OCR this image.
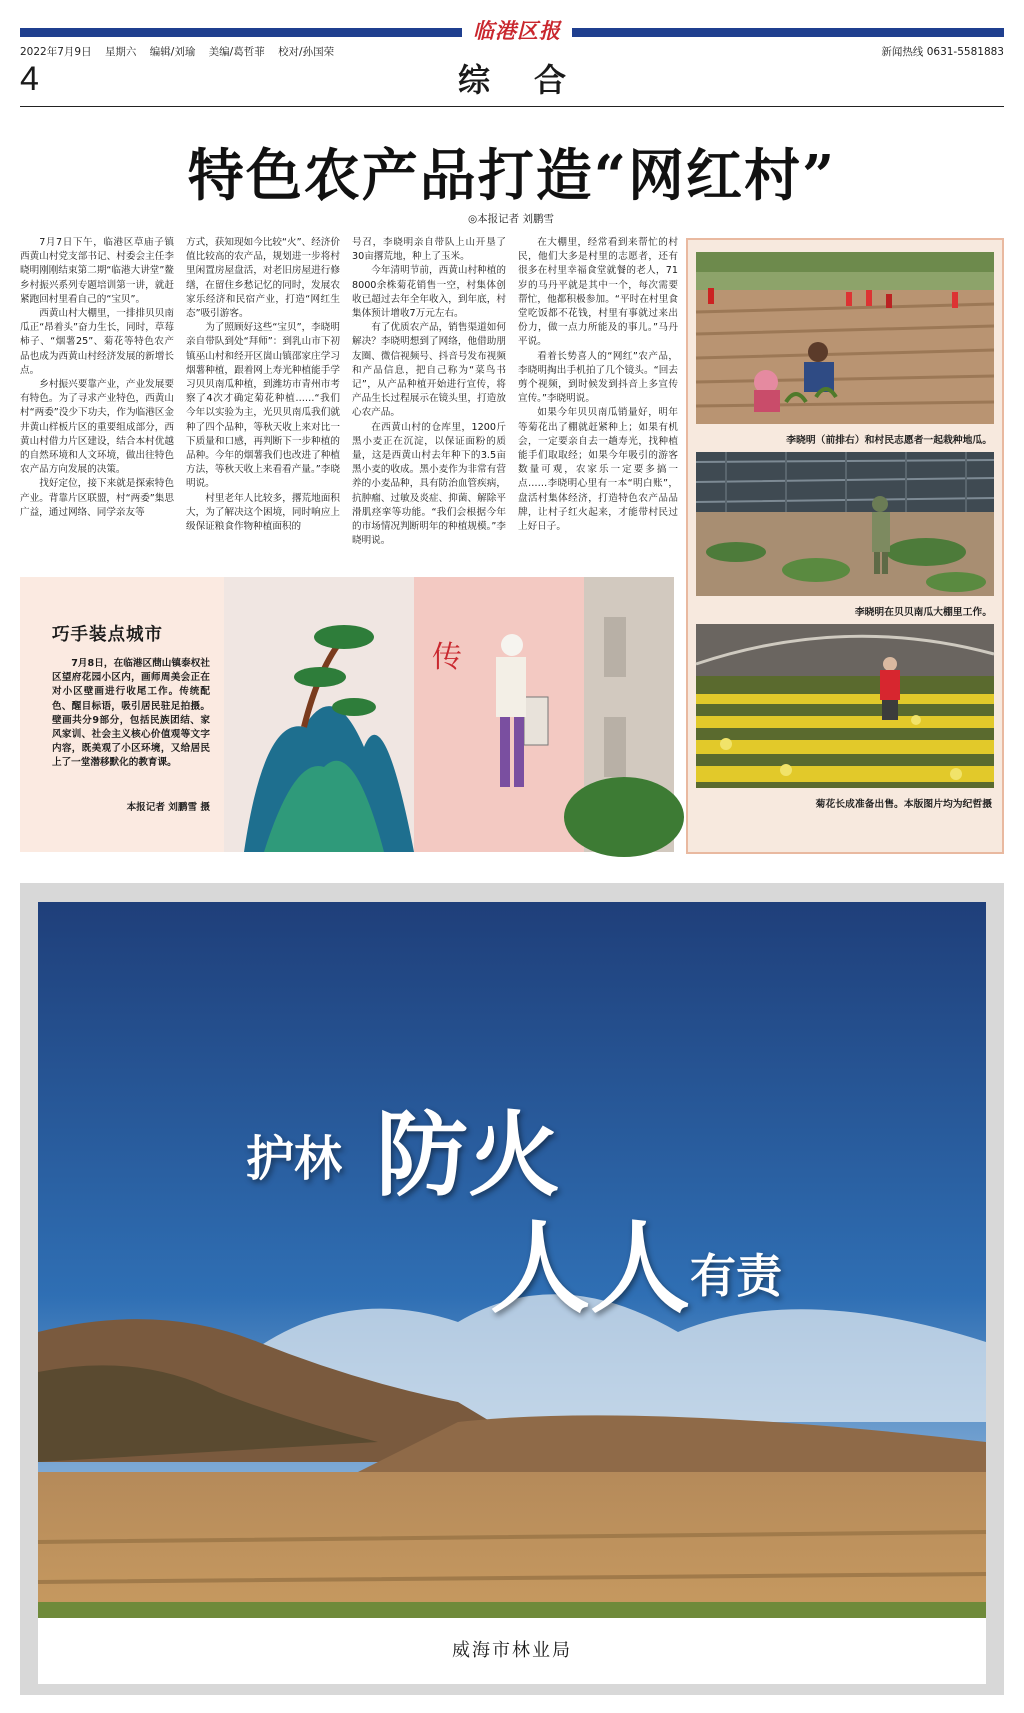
临港区报
2022年7月9日 星期六 编辑/刘瑜 美编/葛哲菲 校对/孙国荣	新闻热线 0631-5581883
4	综合
特色农产品打造“网红村”
◎本报记者 刘鹏雪

7月7日下午，临港区草庙子镇西黄山村党支部书记、村委会主任李晓明刚刚结束第二期“临港大讲堂”鳌乡村振兴系列专题培训第一讲，就赶紧跑回村里看自己的“宝贝”。

西黄山村大棚里，一排排贝贝南瓜正“昂着头”奋力生长，同时，草莓柿子、“烟薯25”、菊花等特色农产品也成为西黄山村经济发展的新增长点。

乡村振兴要靠产业，产业发展要有特色。为了寻求产业特色，西黄山村“两委”没少下功夫，作为临港区金井黄山样板片区的重要组成部分，西黄山村借力片区建设，结合本村优越的自然环境和人文环境，做出往特色农产品方向发展的决策。

找好定位，接下来就是探索特色产业。背靠片区联盟，村“两委”集思广益，通过网络、同学亲友等

方式，获知现如今比较“火”、经济价值比较高的农产品，规划进一步将村里闲置房屋盘活，对老旧房屋进行修缮，在留住乡愁记忆的同时，发展农家乐经济和民宿产业，打造“网红生态”吸引游客。

为了照顾好这些“宝贝”，李晓明亲自带队到处“拜师”：到乳山市下初镇巫山村和经开区崮山镇邵家庄学习烟薯种植，跟着网上寿光种植能手学习贝贝南瓜种植，到潍坊市青州市考察了4次才确定菊花种植……“我们今年以实验为主，光贝贝南瓜我们就种了四个品种，等秋天收上来对比一下质量和口感，再判断下一步种植的品种。今年的烟薯我们也改进了种植方法，等秋天收上来看看产量。”李晓明说。

村里老年人比较多，撂荒地面积大，为了解决这个困境，同时响应上级保证粮食作物种植面积的

号召，李晓明亲自带队上山开垦了30亩撂荒地，种上了玉米。

今年清明节前，西黄山村种植的8000余株菊花销售一空，村集体创收已超过去年全年收入，到年底，村集体预计增收7万元左右。

有了优质农产品，销售渠道如何解决？李晓明想到了网络，他借助朋友圈、微信视频号、抖音号发布视频和产品信息，把自己称为“菜鸟书记”，从产品种植开始进行宣传，将产品生长过程展示在镜头里，打造放心农产品。

在西黄山村的仓库里，1200斤黑小麦正在沉淀，以保证面粉的质量，这是西黄山村去年种下的3.5亩黑小麦的收成。黑小麦作为非常有营养的小麦品种，具有防治血管疾病，抗肿瘤、过敏及炎症、抑菌、解除平滑肌痉挛等功能。“我们会根据今年的市场情况判断明年的种植规模。”李晓明说。

在大棚里，经常看到来帮忙的村民，他们大多是村里的志愿者，还有很多在村里幸福食堂就餐的老人，71岁的马丹平就是其中一个，每次需要帮忙，他都积极参加。“平时在村里食堂吃饭都不花钱，村里有事就过来出份力，做一点力所能及的事儿。”马丹平说。

看着长势喜人的“网红”农产品，李晓明掏出手机拍了几个镜头。“回去剪个视频，到时候发到抖音上多宣传宣传。”李晓明说。

如果今年贝贝南瓜销量好，明年等菊花出了棚就赶紧种上；如果有机会，一定要亲自去一趟寿光，找种植能手们取取经；如果今年吸引的游客数量可观，农家乐一定要多搞一点……李晓明心里有一本“明白账”，盘活村集体经济，打造特色农产品品牌，让村子红火起来，才能带村民过上好日子。

李晓明（前排右）和村民志愿者一起栽种地瓜。
李晓明在贝贝南瓜大棚里工作。
菊花长成准备出售。本版图片均为纪哲摄
巧手装点城市

7月8日，在临港区蔄山镇泰权社区望府花园小区内，画师周美会正在对小区壁画进行收尾工作。传统配色、醒目标语，吸引居民驻足拍摄。壁画共分9部分，包括民族团结、家风家训、社会主义核心价值观等文字内容，既美观了小区环境，又给居民上了一堂潜移默化的教育课。

本报记者 刘鹏雪 摄
传
护林 防火
人人 有责
威海市林业局
